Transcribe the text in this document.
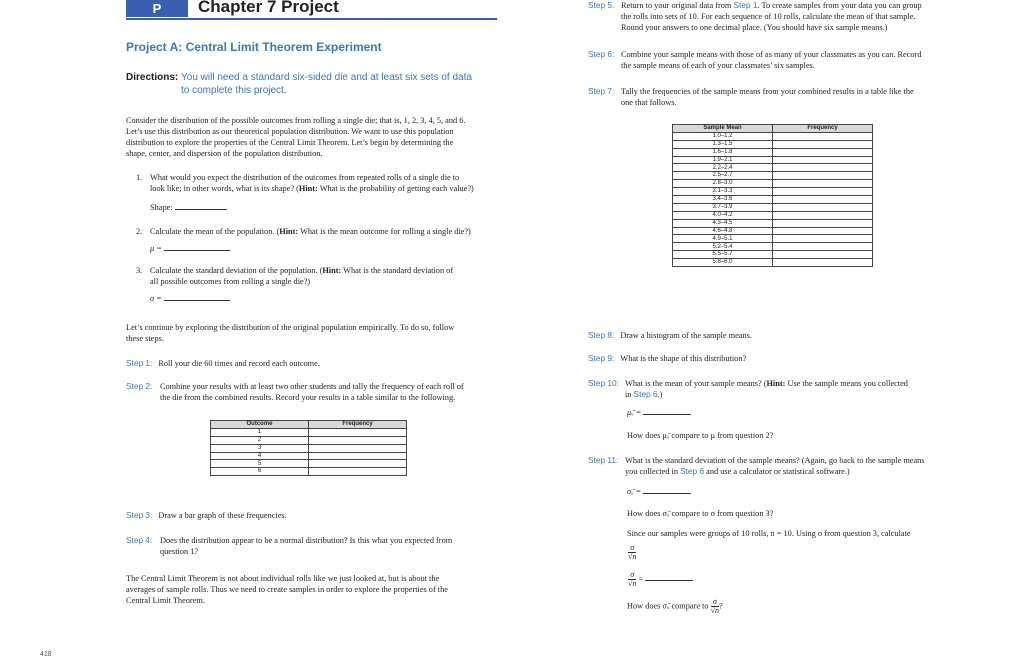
P	Chapter 7 Project
Project A: Central Limit Theorem Experiment
Directions: You will need a standard six-sided die and at least six sets of data
to complete this project.
Consider the distribution of the possible outcomes from rolling a single die; that is, 1, 2, 3, 4, 5, and 6.
Let’s use this distribution as our theoretical population distribution. We want to use this population
distribution to explore the properties of the Central Limit Theorem. Let’s begin by determining the
shape, center, and dispersion of the population distribution.
1. What would you expect the distribution of the outcomes from repeated rolls of a single die to

look like; in other words, what is its shape? (Hint: What is the probability of getting each value?)
Shape:
2. Calculate the mean of the population. (Hint: What is the mean outcome for rolling a single die?)
μ =
3. Calculate the standard deviation of the population. (Hint: What is the standard deviation of

all possible outcomes from rolling a single die?)
σ =
Let’s continue by exploring the distribution of the original population empirically. To do so, follow
these steps.
Step 1: Roll your die 60 times and record each outcome.
Step 2: Combine your results with at least two other students and tally the frequency of each roll of

the die from the combined results. Record your results in a table similar to the following.
Outcome	Frequency
1	
2	
3	
4	
5	
6	
Step 3: Draw a bar graph of these frequencies.
Step 4: Does the distribution appear to be a normal distribution? Is this what you expected from

question 1?
The Central Limit Theorem is not about individual rolls like we just looked at, but is about the
averages of sample rolls. Thus we need to create samples in order to explore the properties of the
Central Limit Theorem.
418
Step 5: Return to your original data from Step 1. To create samples from your data you can group

the rolls into sets of 10. For each sequence of 10 rolls, calculate the mean of that sample.
Round your answers to one decimal place. (You should have six sample means.)
Step 6: Combine your sample means with those of as many of your classmates as you can. Record

the sample means of each of your classmates’ six samples.
Step 7: Tally the frequencies of the sample means from your combined results in a table like the

one that follows.
Sample Mean	Frequency
1.0–1.2	
1.3–1.5	
1.6–1.8	
1.9–2.1	
2.2–2.4	
2.5–2.7	
2.8–3.0	
3.1–3.3	
3.4–3.6	
3.7–3.9	
4.0–4.2	
4.3–4.5	
4.6–4.8	
4.9–5.1	
5.2–5.4	
5.5–5.7	
5.8–6.0	
Step 8: Draw a histogram of the sample means.
Step 9: What is the shape of this distribution?
Step 10: What is the mean of your sample means? (Hint: Use the sample means you collected

in Step 6.)
μₓ̄ =
How does μₓ̄ compare to μ from question 2?
Step 11: What is the standard deviation of the sample means? (Again, go back to the sample means

you collected in Step 6 and use a calculator or statistical software.)
σₓ̄ =
How does σₓ̄ compare to σ from question 3?
Since our samples were groups of 10 rolls, n = 10. Using σ from question 3, calculate
$\frac{\sigma}{√n}$
$\frac{\sigma}{√n}$ =
How does σₓ̄ compare to $\frac{\sigma}{√n}$ ?
